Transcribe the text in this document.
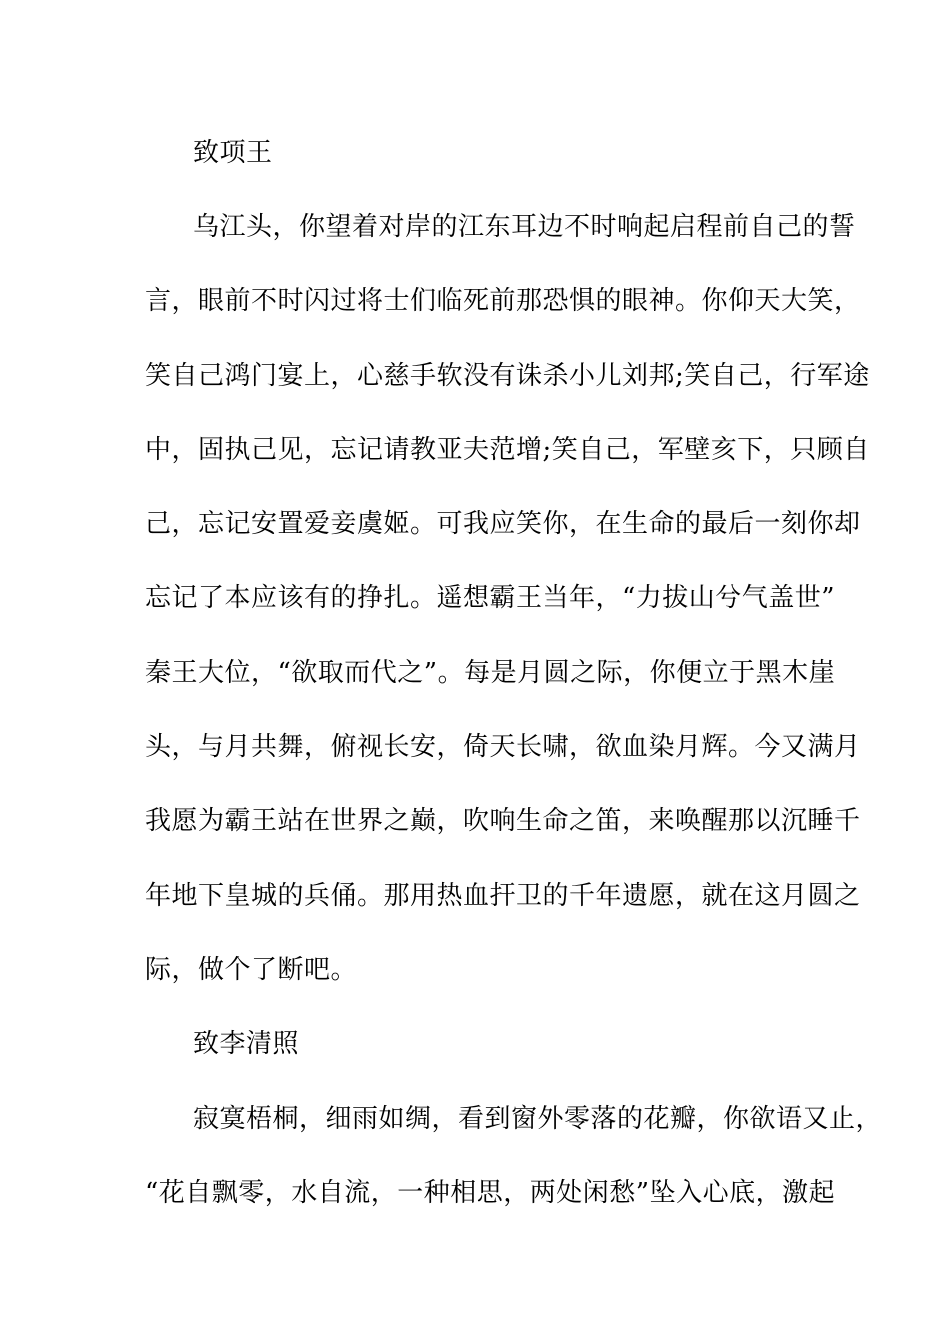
致项王
乌江头，你望着对岸的江东耳边不时响起启程前自己的誓
言，眼前不时闪过将士们临死前那恐惧的眼神。你仰天大笑，
笑自己鸿门宴上，心慈手软没有诛杀小儿刘邦;笑自己，行军途
中，固执己见，忘记请教亚夫范增;笑自己，军壁亥下，只顾自
己，忘记安置爱妾虞姬。可我应笑你，在生命的最后一刻你却
忘记了本应该有的挣扎。遥想霸王当年，“力拔山兮气盖世”
秦王大位，“欲取而代之”。每是月圆之际，你便立于黑木崖
头，与月共舞，俯视长安，倚天长啸，欲血染月辉。今又满月
我愿为霸王站在世界之巅，吹响生命之笛，来唤醒那以沉睡千
年地下皇城的兵俑。那用热血扞卫的千年遗愿，就在这月圆之
际，做个了断吧。
致李清照
寂寞梧桐，细雨如绸，看到窗外零落的花瓣，你欲语又止，
“花自飘零，水自流，一种相思，两处闲愁”坠入心底，激起
